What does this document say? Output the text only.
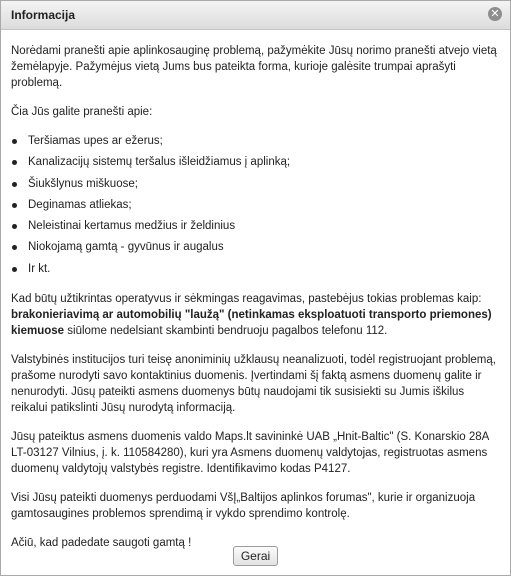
Informacija	✕

Norėdami pranešti apie aplinkosauginę problemą, pažymėkite Jūsų norimo pranešti atvejo vietą žemėlapyje. Pažymėjus vietą Jums bus pateikta forma, kurioje galėsite trumpai aprašyti problemą.

Čia Jūs galite pranešti apie:

Teršiamas upes ar ežerus;
Kanalizacijų sistemų teršalus išleidžiamus į aplinką;
Šiukšlynus miškuose;
Deginamas atliekas;
Neleistinai kertamus medžius ir želdinius
Niokojamą gamtą - gyvūnus ir augalus
Ir kt.

Kad būtų užtikrintas operatyvus ir sėkmingas reagavimas, pastebėjus tokias problemas kaip: brakonieriavimą ar automobilių "laužą" (netinkamas eksploatuoti transporto priemones) kiemuose siūlome nedelsiant skambinti bendruoju pagalbos telefonu 112.

Valstybinės institucijos turi teisę anoniminių užklausų neanalizuoti, todėl registruojant problemą, prašome nurodyti savo kontaktinius duomenis. Įvertindami šį faktą asmens duomenų galite ir nenurodyti. Jūsų pateikti asmens duomenys būtų naudojami tik susisiekti su Jumis iškilus reikalui patikslinti Jūsų nurodytą informaciją.

Jūsų pateiktus asmens duomenis valdo Maps.lt savininkė UAB „Hnit-Baltic" (S. Konarskio 28A LT-03127 Vilnius, į. k. 110584280), kuri yra Asmens duomenų valdytojas, registruotas asmens duomenų valdytojų valstybės registre. Identifikavimo kodas P4127.

Visi Jūsų pateikti duomenys perduodami VšĮ„Baltijos aplinkos forumas", kurie ir organizuoja gamtosaugines problemos sprendimą ir vykdo sprendimo kontrolę.

Ačiū, kad padedate saugoti gamtą !

Gerai
